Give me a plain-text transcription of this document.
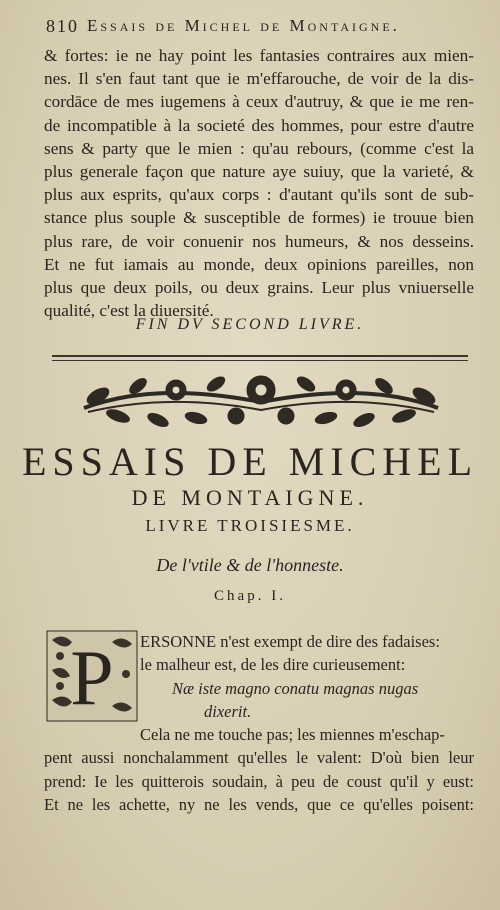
810 Essais de Michel de Montaigne.
& fortes: ie ne hay point les fantasies contraires aux mien-
nes. Il s'en faut tant que ie m'effarouche, de voir de la dis-
cordāce de mes iugemens à ceux d'autruy, & que ie me ren-
de incompatible à la societé des hommes, pour estre d'autre
sens & party que le mien : qu'au rebours, (comme c'est la
plus generale façon que nature aye suiuy, que la varieté, &
plus aux esprits, qu'aux corps : d'autant qu'ils sont de sub-
stance plus souple & susceptible de formes) ie trouue bien
plus rare, de voir conuenir nos humeurs, & nos desseins.
Et ne fut iamais au monde, deux opinions pareilles, non
plus que deux poils, ou deux grains. Leur plus vniuerselle
qualité, c'est la diuersité.
FIN DV SECOND LIVRE.
ESSAIS DE MICHEL
DE MONTAIGNE.
LIVRE TROISIESME.
De l'vtile & de l'honneste.
Chap. I.
P	ERSONNE n'est exempt de dire des fadaises:
le malheur est, de les dire curieusement:
Næ iste magno conatu magnas nugas
dixerit.
Cela ne me touche pas; les miennes m'eschap-
pent aussi nonchalamment qu'elles le valent: D'où bien leur
prend: Ie les quitterois soudain, à peu de coust qu'il y eust:
Et ne les achette, ny ne les vends, que ce qu'elles poisent:
